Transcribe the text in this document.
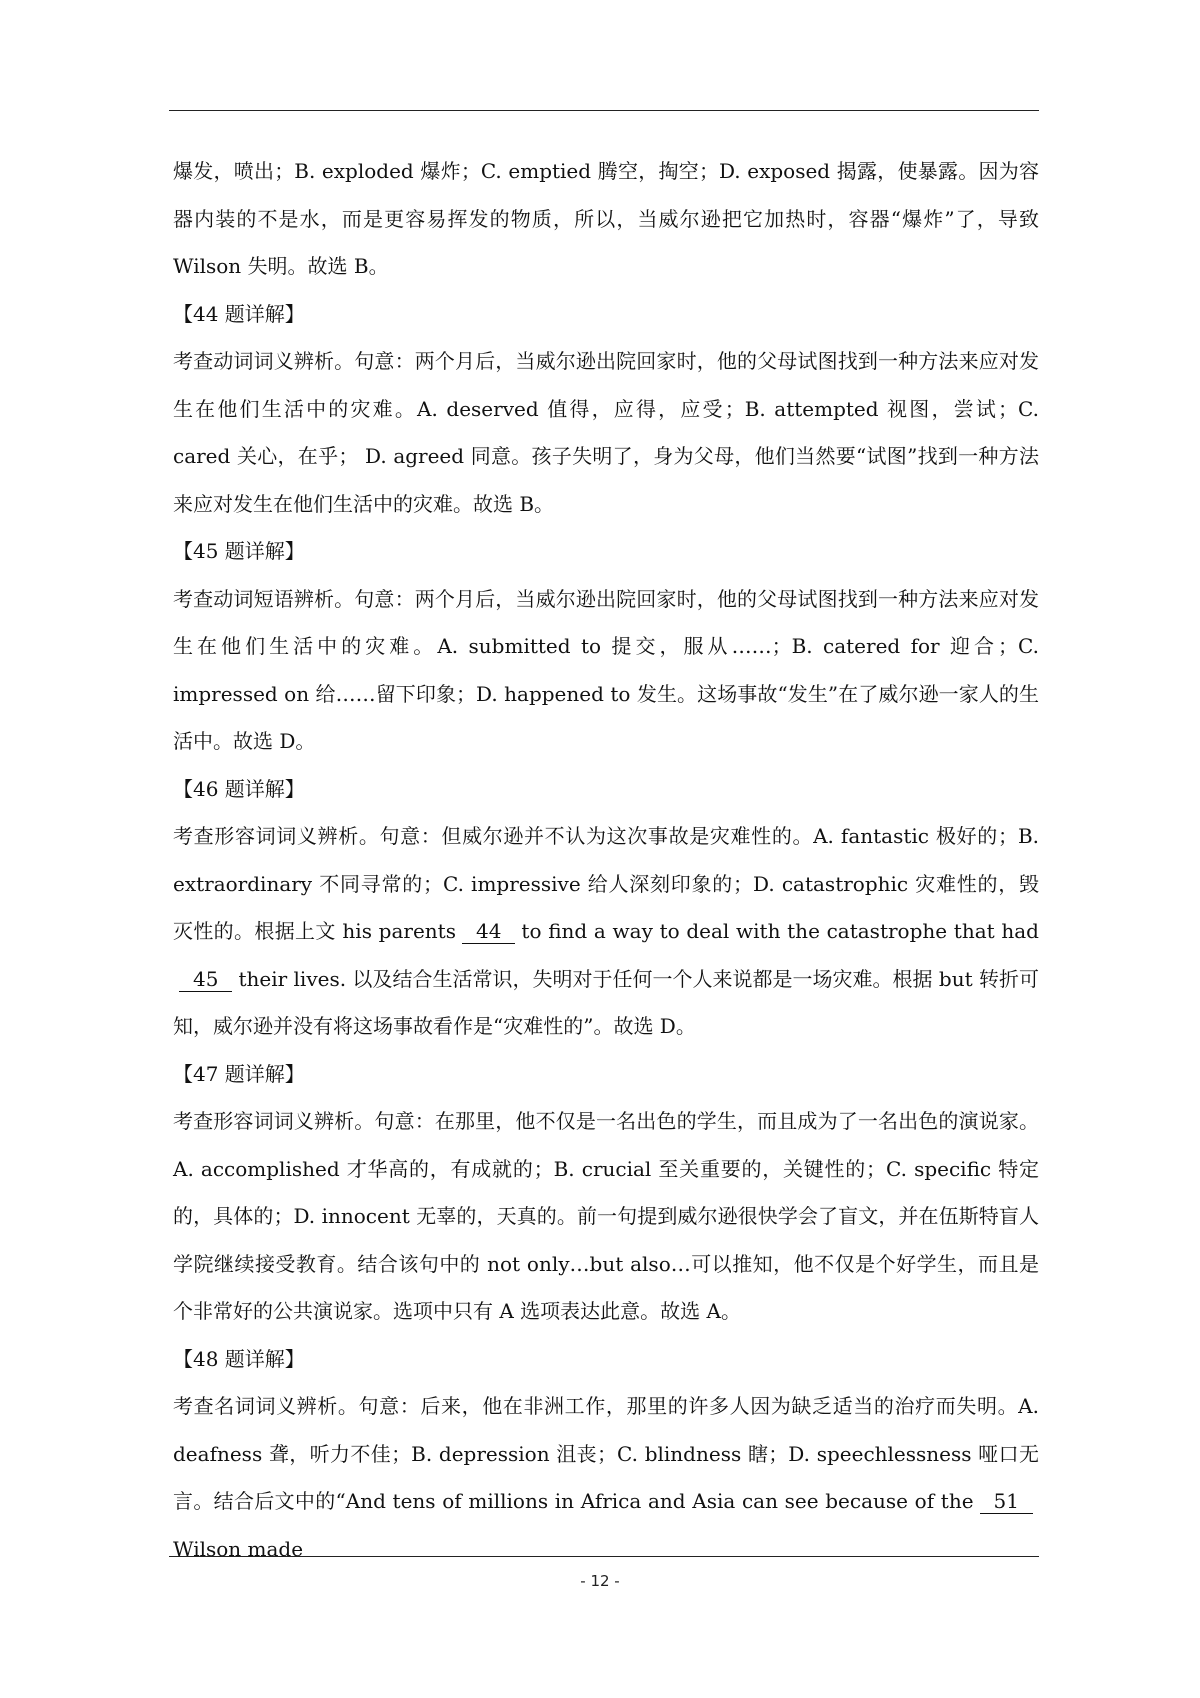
爆发，喷出；B. exploded 爆炸；C. emptied 腾空，掏空；D. exposed 揭露，使暴露。因为容器内装的不是水，而是更容易挥发的物质，所以，当威尔逊把它加热时，容器“爆炸”了，导致 Wilson 失明。故选 B。

【44 题详解】

考查动词词义辨析。句意：两个月后，当威尔逊出院回家时，他的父母试图找到一种方法来应对发生在他们生活中的灾难。A. deserved 值得，应得，应受；B. attempted 视图，尝试；C. cared 关心，在乎； D. agreed 同意。孩子失明了，身为父母，他们当然要“试图”找到一种方法来应对发生在他们生活中的灾难。故选 B。

【45 题详解】

考查动词短语辨析。句意：两个月后，当威尔逊出院回家时，他的父母试图找到一种方法来应对发生在他们生活中的灾难。A. submitted to 提交，服从……；B. catered for 迎合；C. impressed on 给……留下印象；D. happened to 发生。这场事故“发生”在了威尔逊一家人的生活中。故选 D。

【46 题详解】

考查形容词词义辨析。句意：但威尔逊并不认为这次事故是灾难性的。A. fantastic 极好的；B. extraordinary 不同寻常的；C. impressive 给人深刻印象的；D. catastrophic 灾难性的，毁灭性的。根据上文 his parents 44 to find a way to deal with the catastrophe that had45 their lives. 以及结合生活常识，失明对于任何一个人来说都是一场灾难。根据 but 转折可知，威尔逊并没有将这场事故看作是“灾难性的”。故选 D。

【47 题详解】

考查形容词词义辨析。句意：在那里，他不仅是一名出色的学生，而且成为了一名出色的演说家。A. accomplished 才华高的，有成就的；B. crucial 至关重要的，关键性的；C. specific 特定的，具体的；D. innocent 无辜的，天真的。前一句提到威尔逊很快学会了盲文，并在伍斯特盲人学院继续接受教育。结合该句中的 not only…but also…可以推知，他不仅是个好学生，而且是个非常好的公共演说家。选项中只有 A 选项表达此意。故选 A。

【48 题详解】

考查名词词义辨析。句意：后来，他在非洲工作，那里的许多人因为缺乏适当的治疗而失明。A. deafness 聋，听力不佳；B. depression 沮丧；C. blindness 瞎；D. speechlessness 哑口无言。结合后文中的“And tens of millions in Africa and Asia can see because of the 51Wilson made

- 12 -
